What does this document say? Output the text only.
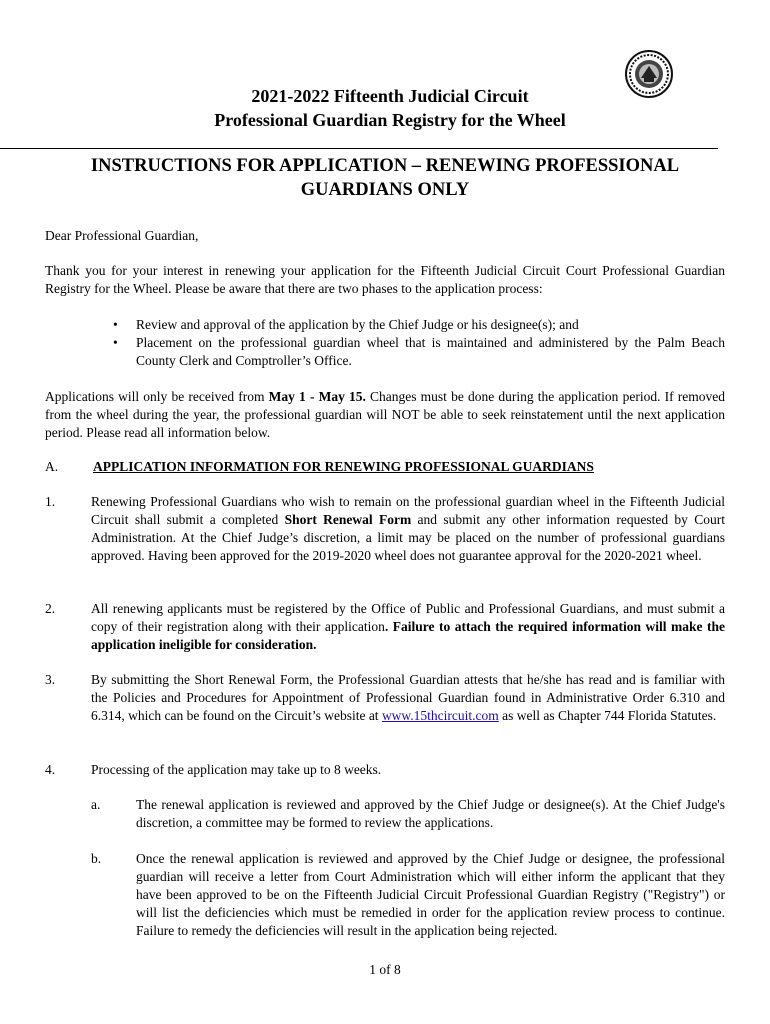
2021-2022 Fifteenth Judicial Circuit
Professional Guardian Registry for the Wheel
INSTRUCTIONS FOR APPLICATION – RENEWING PROFESSIONAL GUARDIANS ONLY
Dear Professional Guardian,
Thank you for your interest in renewing your application for the Fifteenth Judicial Circuit Court Professional Guardian Registry for the Wheel. Please be aware that there are two phases to the application process:
• Review and approval of the application by the Chief Judge or his designee(s); and
• Placement on the professional guardian wheel that is maintained and administered by the Palm Beach County Clerk and Comptroller’s Office.
Applications will only be received from May 1 - May 15. Changes must be done during the application period. If removed from the wheel during the year, the professional guardian will NOT be able to seek reinstatement until the next application period. Please read all information below.
A.	APPLICATION INFORMATION FOR RENEWING PROFESSIONAL GUARDIANS
1.	Renewing Professional Guardians who wish to remain on the professional guardian wheel in the Fifteenth Judicial Circuit shall submit a completed Short Renewal Form and submit any other information requested by Court Administration. At the Chief Judge’s discretion, a limit may be placed on the number of professional guardians approved. Having been approved for the 2019-2020 wheel does not guarantee approval for the 2020-2021 wheel.
2.	All renewing applicants must be registered by the Office of Public and Professional Guardians, and must submit a copy of their registration along with their application. Failure to attach the required information will make the application ineligible for consideration.
3.	By submitting the Short Renewal Form, the Professional Guardian attests that he/she has read and is familiar with the Policies and Procedures for Appointment of Professional Guardian found in Administrative Order 6.310 and 6.314, which can be found on the Circuit’s website at www.15thcircuit.com as well as Chapter 744 Florida Statutes.
4.	Processing of the application may take up to 8 weeks.
a.	The renewal application is reviewed and approved by the Chief Judge or designee(s). At the Chief Judge's discretion, a committee may be formed to review the applications.
b.	Once the renewal application is reviewed and approved by the Chief Judge or designee, the professional guardian will receive a letter from Court Administration which will either inform the applicant that they have been approved to be on the Fifteenth Judicial Circuit Professional Guardian Registry ("Registry") or will list the deficiencies which must be remedied in order for the application review process to continue. Failure to remedy the deficiencies will result in the application being rejected.
1 of 8
